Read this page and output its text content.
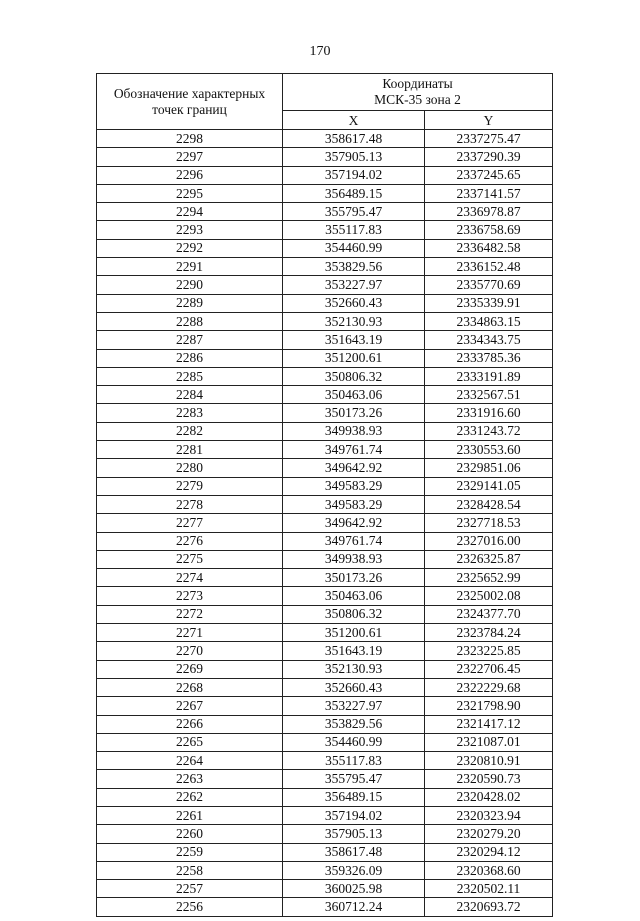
170
Обозначение характерных
точек границ	Координаты
МСК-35 зона 2	

	X	Y
2298	358617.48	2337275.47
2297	357905.13	2337290.39
2296	357194.02	2337245.65
2295	356489.15	2337141.57
2294	355795.47	2336978.87
2293	355117.83	2336758.69
2292	354460.99	2336482.58
2291	353829.56	2336152.48
2290	353227.97	2335770.69
2289	352660.43	2335339.91
2288	352130.93	2334863.15
2287	351643.19	2334343.75
2286	351200.61	2333785.36
2285	350806.32	2333191.89
2284	350463.06	2332567.51
2283	350173.26	2331916.60
2282	349938.93	2331243.72
2281	349761.74	2330553.60
2280	349642.92	2329851.06
2279	349583.29	2329141.05
2278	349583.29	2328428.54
2277	349642.92	2327718.53
2276	349761.74	2327016.00
2275	349938.93	2326325.87
2274	350173.26	2325652.99
2273	350463.06	2325002.08
2272	350806.32	2324377.70
2271	351200.61	2323784.24
2270	351643.19	2323225.85
2269	352130.93	2322706.45
2268	352660.43	2322229.68
2267	353227.97	2321798.90
2266	353829.56	2321417.12
2265	354460.99	2321087.01
2264	355117.83	2320810.91
2263	355795.47	2320590.73
2262	356489.15	2320428.02
2261	357194.02	2320323.94
2260	357905.13	2320279.20
2259	358617.48	2320294.12
2258	359326.09	2320368.60
2257	360025.98	2320502.11
2256	360712.24	2320693.72
